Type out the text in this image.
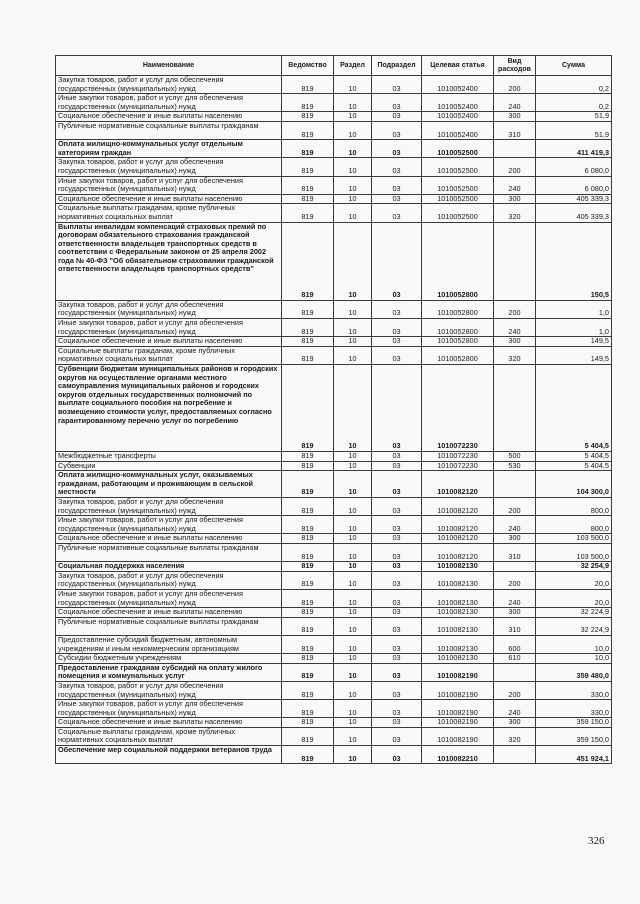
Наименование	Ведомство	Раздел	Подраздел	Целевая статья	Вид расходов	Сумма
Закупка товаров, работ и услуг для обеспечения государственных (муниципальных) нужд	819	10	03	1010052400	200	0,2
Иные закупки товаров, работ и услуг для обеспечения государственных (муниципальных) нужд	819	10	03	1010052400	240	0,2
Социальное обеспечение и иные выплаты населению	819	10	03	1010052400	300	51,9
Публичные нормативные социальные выплаты гражданам	819	10	03	1010052400	310	51,9
Оплата жилищно-коммунальных услуг отдельным категориям граждан	819	10	03	1010052500		411 419,3
Закупка товаров, работ и услуг для обеспечения государственных (муниципальных) нужд	819	10	03	1010052500	200	6 080,0
Иные закупки товаров, работ и услуг для обеспечения государственных (муниципальных) нужд	819	10	03	1010052500	240	6 080,0
Социальное обеспечение и иные выплаты населению	819	10	03	1010052500	300	405 339,3
Социальные выплаты гражданам, кроме публичных нормативных социальных выплат	819	10	03	1010052500	320	405 339,3
Выплаты инвалидам компенсаций страховых премий по договорам обязательного страхования гражданской ответственности владельцев транспортных средств в соответствии с Федеральным законом от 25 апреля 2002 года № 40-ФЗ "Об обязательном страховании гражданской ответственности владельцев транспортных средств"	819	10	03	1010052800		150,5
Закупка товаров, работ и услуг для обеспечения государственных (муниципальных) нужд	819	10	03	1010052800	200	1,0
Иные закупки товаров, работ и услуг для обеспечения государственных (муниципальных) нужд	819	10	03	1010052800	240	1,0
Социальное обеспечение и иные выплаты населению	819	10	03	1010052800	300	149,5
Социальные выплаты гражданам, кроме публичных нормативных социальных выплат	819	10	03	1010052800	320	149,5
Субвенции бюджетам муниципальных районов и городских округов на осуществление органами местного самоуправления муниципальных районов и городских округов отдельных государственных полномочий по выплате социального пособия на погребение и возмещению стоимости услуг, предоставляемых согласно гарантированному перечню услуг по погребению	819	10	03	1010072230		5 404,5
Межбюджетные трансферты	819	10	03	1010072230	500	5 404,5
Субвенции	819	10	03	1010072230	530	5 404,5
Оплата жилищно-коммунальных услуг, оказываемых гражданам, работающим и проживающим в сельской местности	819	10	03	1010082120		104 300,0
Закупка товаров, работ и услуг для обеспечения государственных (муниципальных) нужд	819	10	03	1010082120	200	800,0
Иные закупки товаров, работ и услуг для обеспечения государственных (муниципальных) нужд	819	10	03	1010082120	240	800,0
Социальное обеспечение и иные выплаты населению	819	10	03	1010082120	300	103 500,0
Публичные нормативные социальные выплаты гражданам	819	10	03	1010082120	310	103 500,0
Социальная поддержка населения	819	10	03	1010082130		32 254,9
Закупка товаров, работ и услуг для обеспечения государственных (муниципальных) нужд	819	10	03	1010082130	200	20,0
Иные закупки товаров, работ и услуг для обеспечения государственных (муниципальных) нужд	819	10	03	1010082130	240	20,0
Социальное обеспечение и иные выплаты населению	819	10	03	1010082130	300	32 224,9
Публичные нормативные социальные выплаты гражданам	819	10	03	1010082130	310	32 224,9
Предоставление субсидий бюджетным, автономным учреждениям и иным некоммерческим организациям	819	10	03	1010082130	600	10,0
Субсидии бюджетным учреждениям	819	10	03	1010082130	610	10,0
Предоставление гражданам субсидий на оплату жилого помещения и коммунальных услуг	819	10	03	1010082190		359 480,0
Закупка товаров, работ и услуг для обеспечения государственных (муниципальных) нужд	819	10	03	1010082190	200	330,0
Иные закупки товаров, работ и услуг для обеспечения государственных (муниципальных) нужд	819	10	03	1010082190	240	330,0
Социальное обеспечение и иные выплаты населению	819	10	03	1010082190	300	359 150,0
Социальные выплаты гражданам, кроме публичных нормативных социальных выплат	819	10	03	1010082190	320	359 150,0
Обеспечение мер социальной поддержки ветеранов труда	819	10	03	1010082210		451 924,1
326
